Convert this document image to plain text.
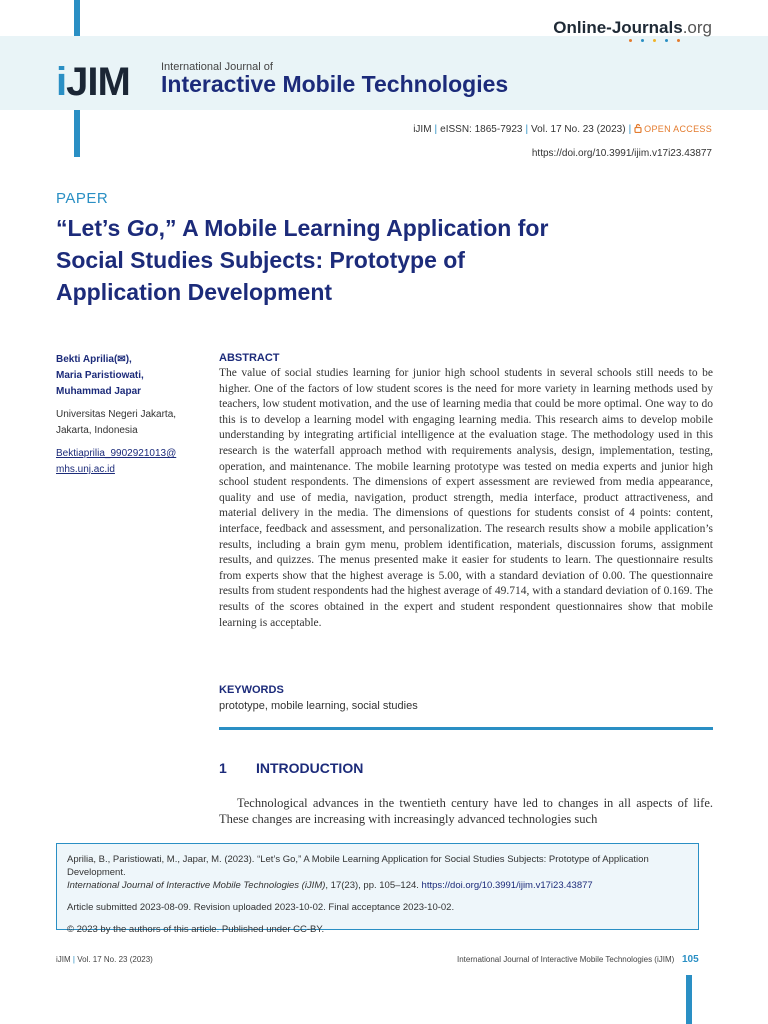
Online-Journals.org
iJIM	International Journal of
Interactive Mobile Technologies
iJIM | eISSN: 1865-7923 | Vol. 17 No. 23 (2023) | OPEN ACCESS
https://doi.org/10.3991/ijim.v17i23.43877
PAPER
“Let’s Go,” A Mobile Learning Application for Social Studies Subjects: Prototype of Application Development
Bekti Aprilia(✉),
Maria Paristiowati,
Muhammad Japar
Universitas Negeri Jakarta,
Jakarta, Indonesia
Bektiaprilia_9902921013@
mhs.unj.ac.id
ABSTRACT
The value of social studies learning for junior high school students in several schools still needs to be higher. One of the factors of low student scores is the need for more variety in learning methods used by teachers, low student motivation, and the use of learning media that could be more optimal. One way to do this is to develop a learning model with engaging learning media. This research aims to develop mobile understanding by integrating artificial intelligence at the evaluation stage. The methodology used in this research is the waterfall approach method with requirements analysis, design, implementation, testing, operation, and maintenance. The mobile learning prototype was tested on media experts and junior high school student respondents. The dimensions of expert assessment are reviewed from media appearance, quality and use of media, navigation, product strength, media interface, product attractiveness, and material delivery in the media. The dimensions of questions for students consist of 4 points: content, interface, feedback and assessment, and personalization. The research results show a mobile application’s results, including a brain gym menu, problem identification, materials, discussion forums, assignment results, and quizzes. The menus presented make it easier for students to learn. The questionnaire results from experts show that the highest average is 5.00, with a standard deviation of 0.00. The questionnaire results from student respondents had the highest average of 49.714, with a standard deviation of 0.169. The results of the scores obtained in the expert and student respondent questionnaires show that mobile learning is acceptable.
KEYWORDS
prototype, mobile learning, social studies
1 INTRODUCTION
Technological advances in the twentieth century have led to changes in all aspects of life. These changes are increasing with increasingly advanced technologies such

Aprilia, B., Paristiowati, M., Japar, M. (2023). “Let’s Go,” A Mobile Learning Application for Social Studies Subjects: Prototype of Application Development.

International Journal of Interactive Mobile Technologies (iJIM), 17(23), pp. 105–124. https://doi.org/10.3991/ijim.v17i23.43877

Article submitted 2023-08-09. Revision uploaded 2023-10-02. Final acceptance 2023-10-02.

© 2023 by the authors of this article. Published under CC-BY.

iJIM | Vol. 17 No. 23 (2023)	International Journal of Interactive Mobile Technologies (iJIM) 105
